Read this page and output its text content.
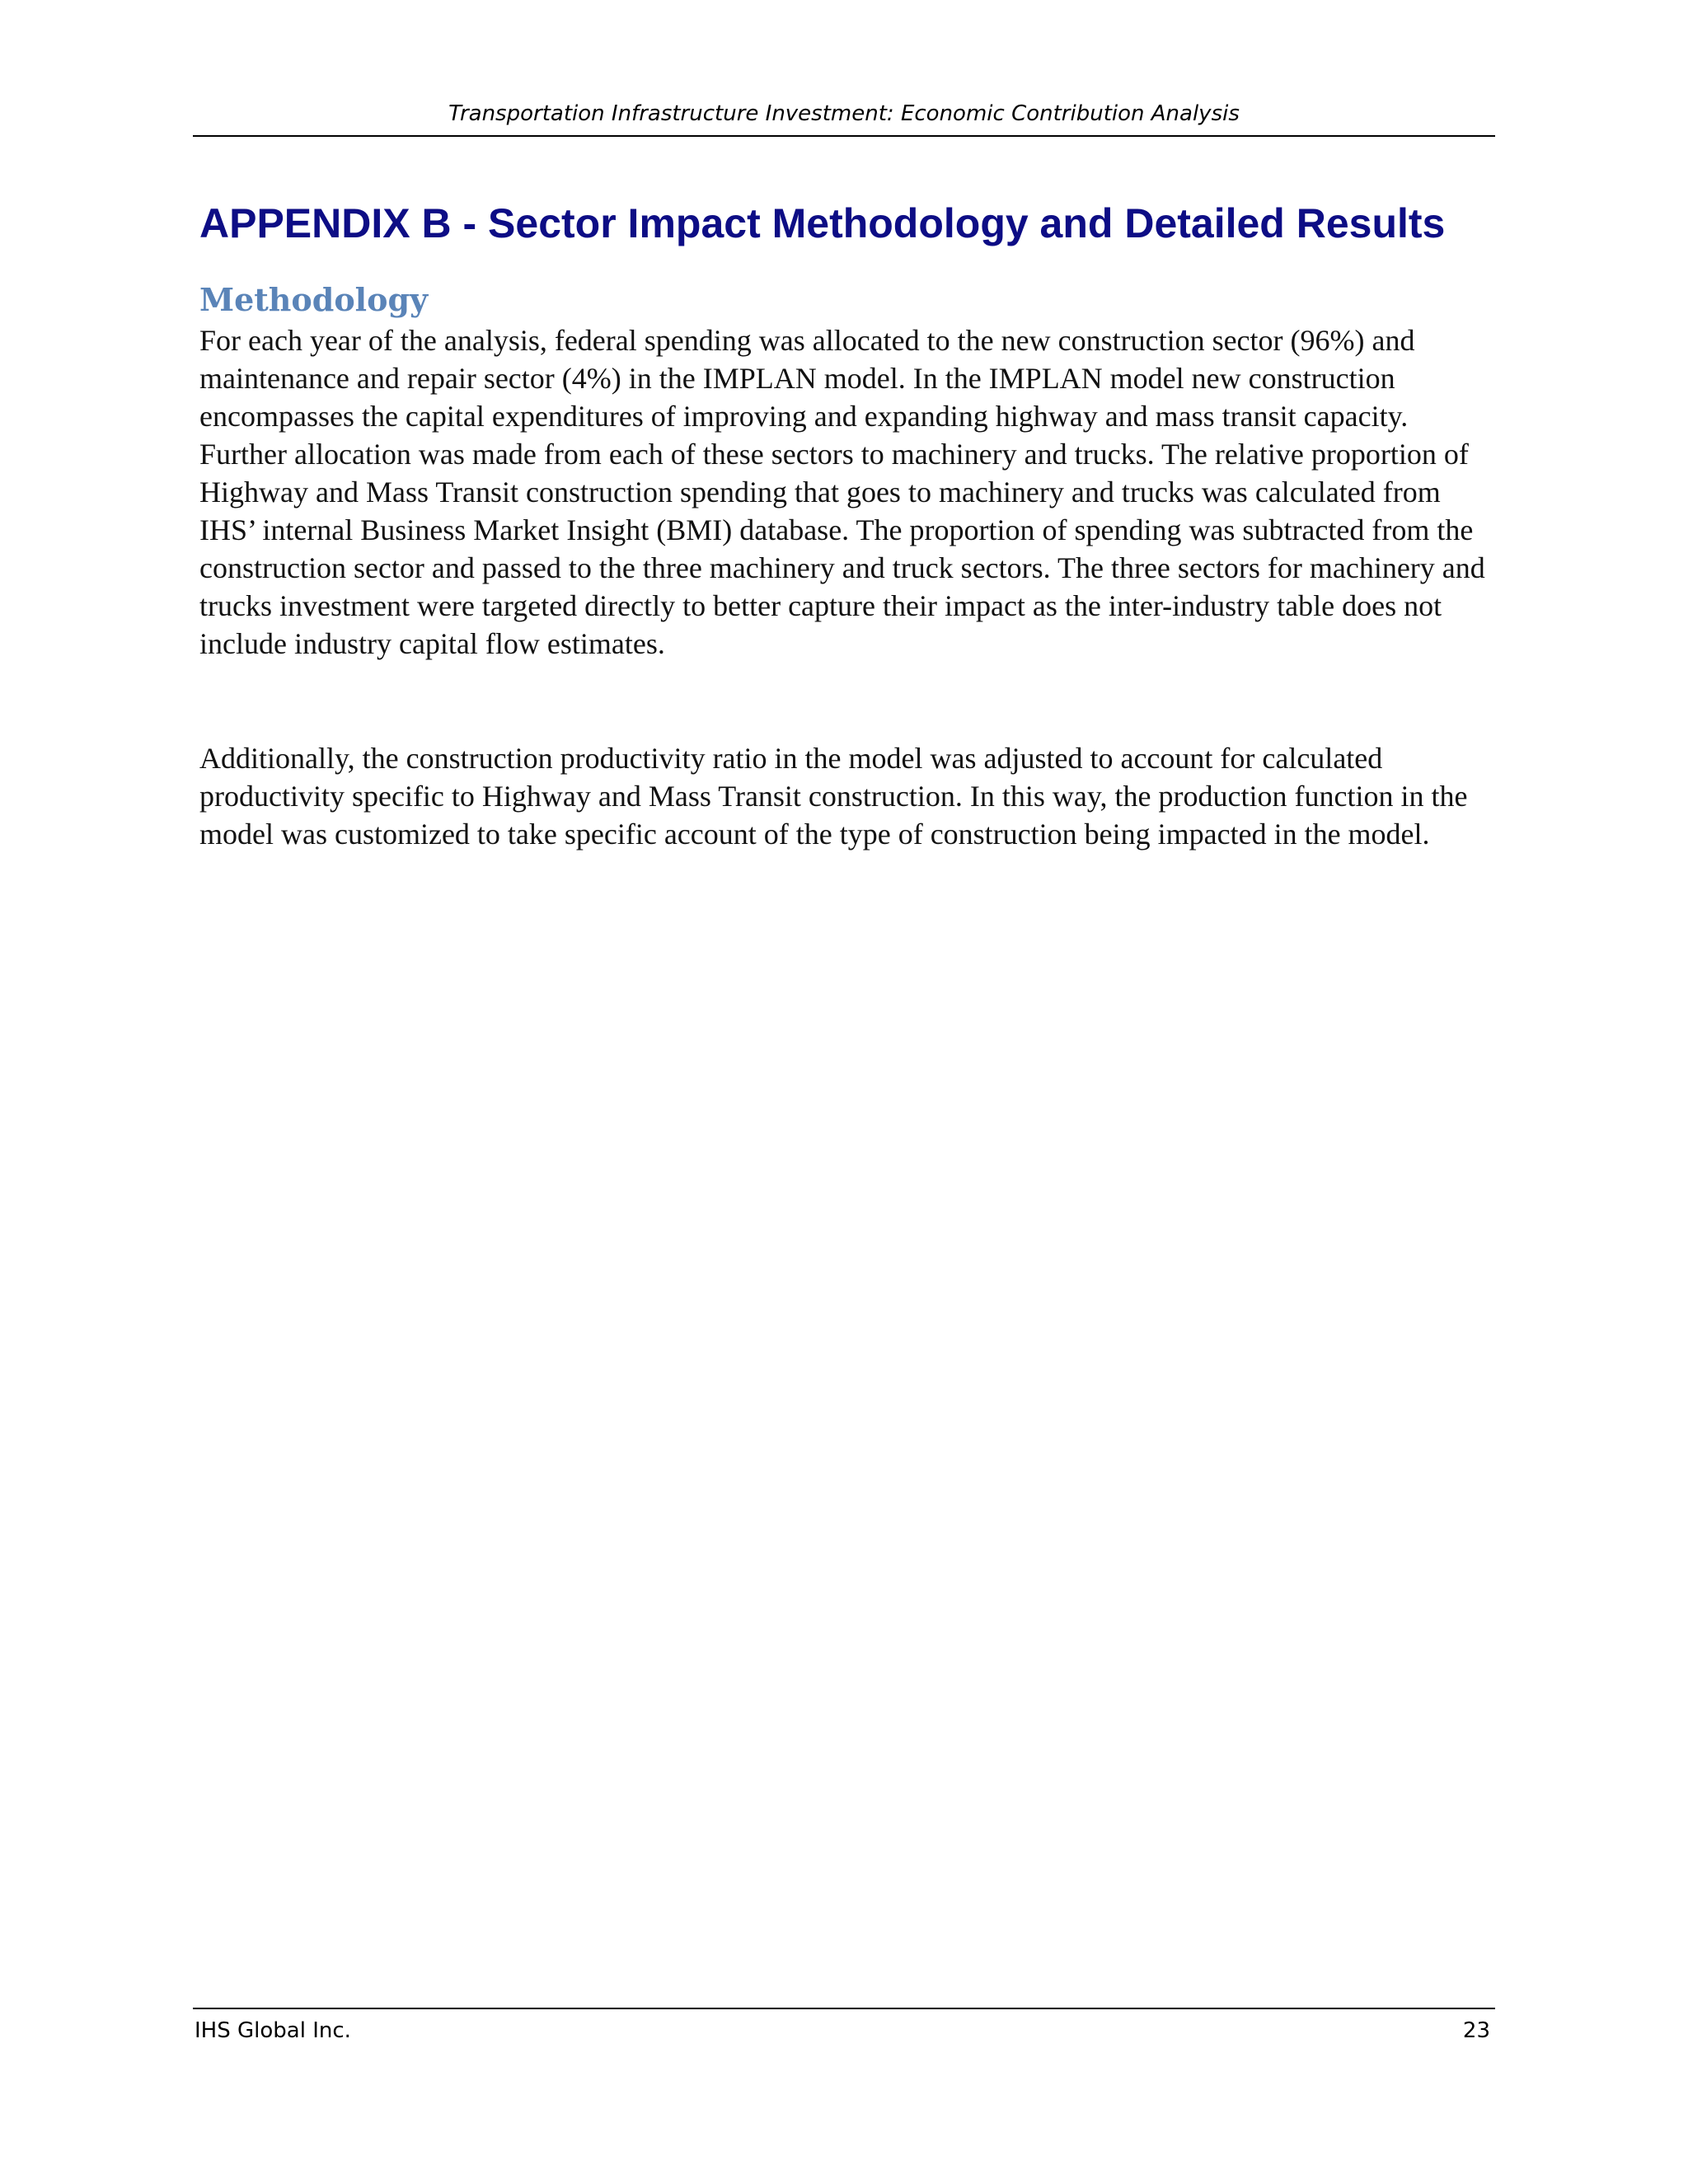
Transportation Infrastructure Investment: Economic Contribution Analysis
APPENDIX B - Sector Impact Methodology and Detailed Results
Methodology

For each year of the analysis, federal spending was allocated to the new construction sector (96%) and maintenance and repair sector (4%) in the IMPLAN model. In the IMPLAN model new construction encompasses the capital expenditures of improving and expanding highway and mass transit capacity. Further allocation was made from each of these sectors to machinery and trucks. The relative proportion of Highway and Mass Transit construction spending that goes to machinery and trucks was calculated from IHS’ internal Business Market Insight (BMI) database. The proportion of spending was subtracted from the construction sector and passed to the three machinery and truck sectors. The three sectors for machinery and trucks investment were targeted directly to better capture their impact as the inter-industry table does not include industry capital flow estimates.

Additionally, the construction productivity ratio in the model was adjusted to account for calculated productivity specific to Highway and Mass Transit construction. In this way, the production function in the model was customized to take specific account of the type of construction being impacted in the model.

IHS Global Inc.	23
